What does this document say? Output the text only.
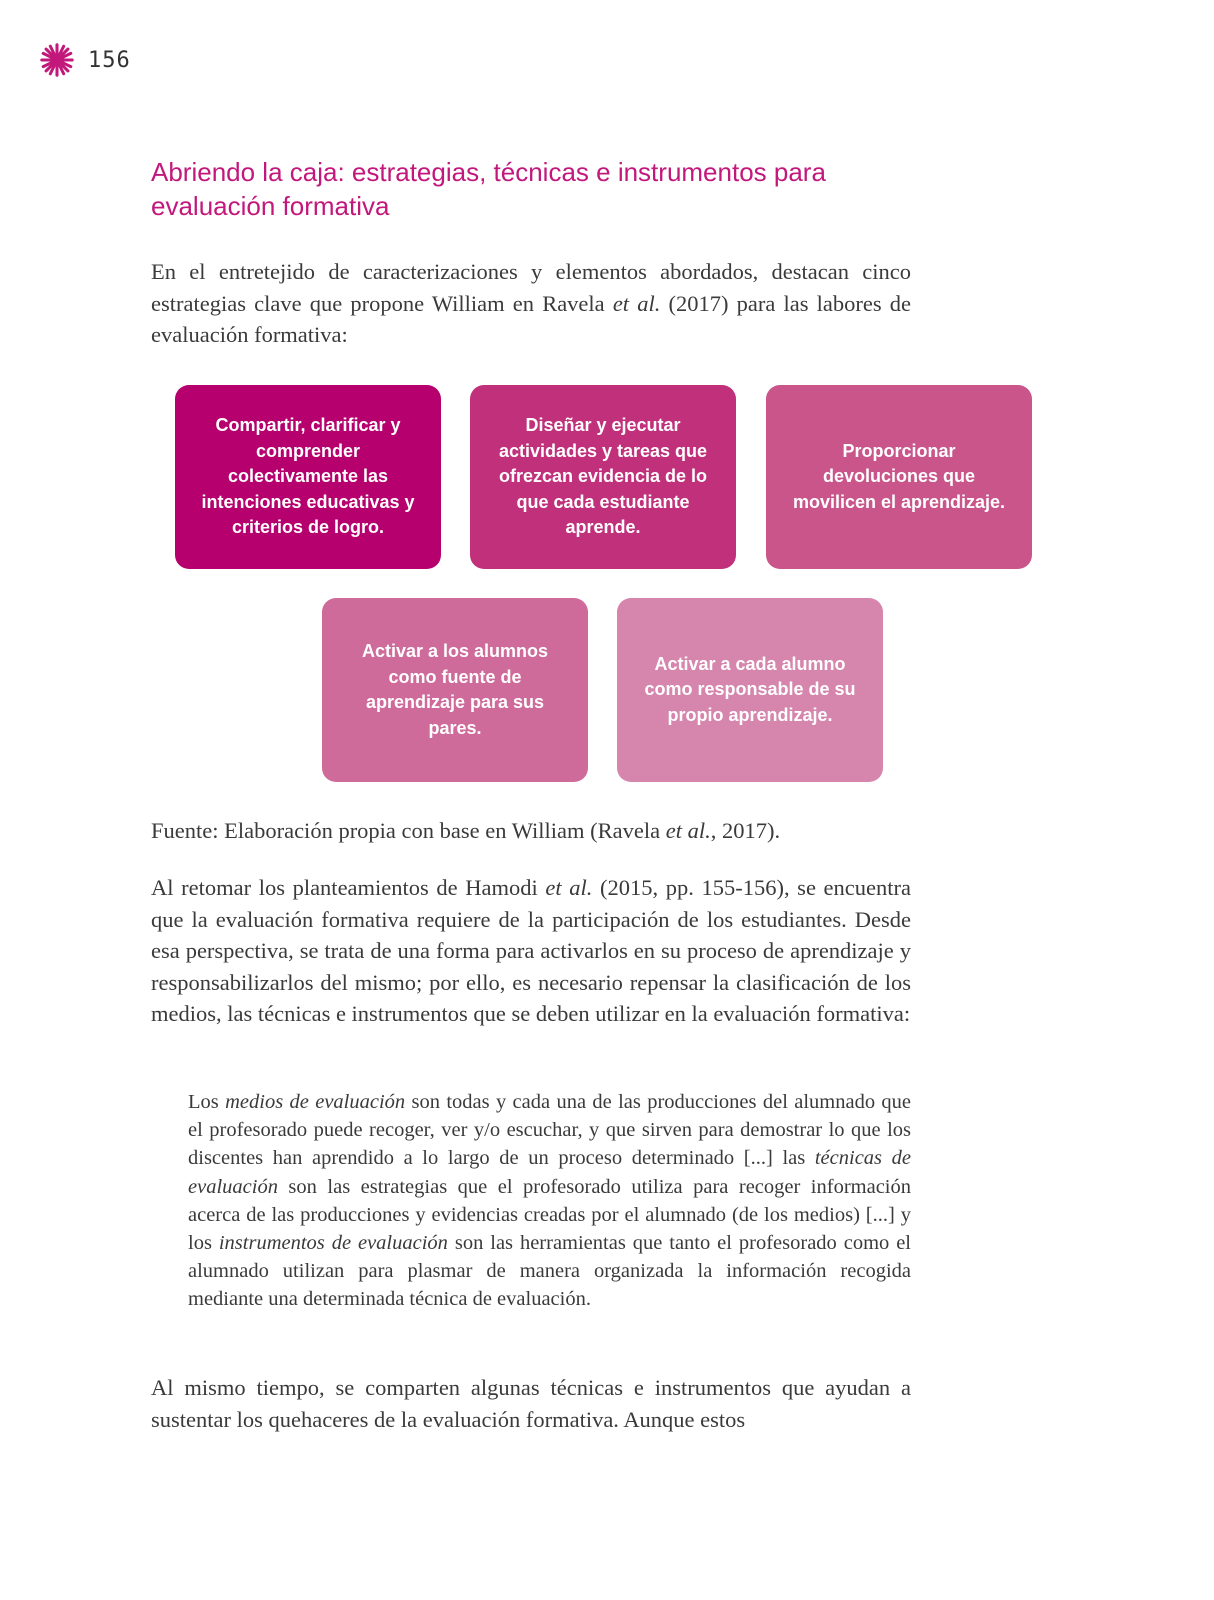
156
Abriendo la caja: estrategias, técnicas e instrumentos para evaluación formativa

En el entretejido de caracterizaciones y elementos abordados, destacan cinco estrategias clave que propone William en Ravela et al. (2017) para las labores de evaluación formativa:

Compartir, clarificar y comprender colectivamente las intenciones educativas y criterios de logro.
Diseñar y ejecutar actividades y tareas que ofrezcan evidencia de lo que cada estudiante aprende.
Proporcionar devoluciones que movilicen el aprendizaje.
Activar a los alumnos como fuente de aprendizaje para sus pares.
Activar a cada alumno como responsable de su propio aprendizaje.

Fuente: Elaboración propia con base en William (Ravela et al., 2017).

Al retomar los planteamientos de Hamodi et al. (2015, pp. 155-156), se encuentra que la evaluación formativa requiere de la participación de los estudiantes. Desde esa perspectiva, se trata de una forma para activarlos en su proceso de aprendizaje y responsabilizarlos del mismo; por ello, es necesario repensar la clasificación de los medios, las técnicas e instrumentos que se deben utilizar en la evaluación formativa:

Los medios de evaluación son todas y cada una de las producciones del alumnado que el profesorado puede recoger, ver y/o escuchar, y que sirven para demostrar lo que los discentes han aprendido a lo largo de un proceso determinado [...] las técnicas de evaluación son las estrategias que el profesorado utiliza para recoger información acerca de las producciones y evidencias creadas por el alumnado (de los medios) [...] y los instrumentos de evaluación son las herramientas que tanto el profesorado como el alumnado utilizan para plasmar de manera organizada la información recogida mediante una determinada técnica de evaluación.

Al mismo tiempo, se comparten algunas técnicas e instrumentos que ayudan a sustentar los quehaceres de la evaluación formativa. Aunque estos
